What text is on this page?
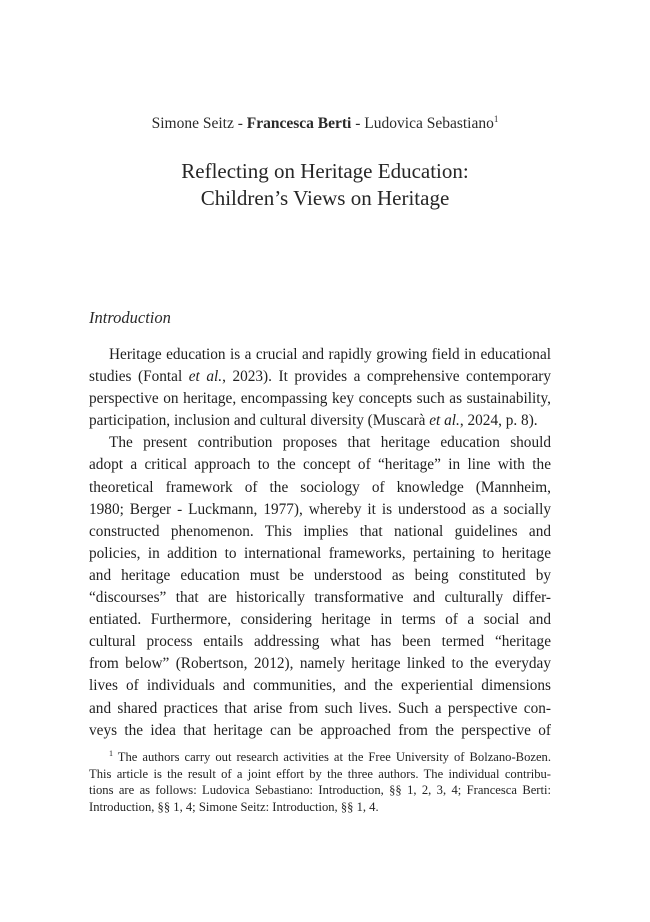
Simone Seitz - Francesca Berti - Ludovica Sebastiano$^1$
Reflecting on Heritage Education:
Children’s Views on Heritage
Introduction
Heritage education is a crucial and rapidly growing field in educational
studies (Fontal et al., 2023). It provides a comprehensive contemporary
perspective on heritage, encompassing key concepts such as sustainability,
participation, inclusion and cultural diversity (Muscarà et al., 2024, p. 8).
The present contribution proposes that heritage education should
adopt a critical approach to the concept of “heritage” in line with the
theoretical framework of the sociology of knowledge (Mannheim,
1980; Berger - Luckmann, 1977), whereby it is understood as a socially
constructed phenomenon. This implies that national guidelines and
policies, in addition to international frameworks, pertaining to heritage
and heritage education must be understood as being constituted by
“discourses” that are historically transformative and culturally differ-
entiated. Furthermore, considering heritage in terms of a social and
cultural process entails addressing what has been termed “heritage
from below” (Robertson, 2012), namely heritage linked to the everyday
lives of individuals and communities, and the experiential dimensions
and shared practices that arise from such lives. Such a perspective con-
veys the idea that heritage can be approached from the perspective of
$^1$ The authors carry out research activities at the Free University of Bolzano-Bozen.
This article is the result of a joint effort by the three authors. The individual contribu-
tions are as follows: Ludovica Sebastiano: Introduction, §§ 1, 2, 3, 4; Francesca Berti:
Introduction, §§ 1, 4; Simone Seitz: Introduction, §§ 1, 4.
